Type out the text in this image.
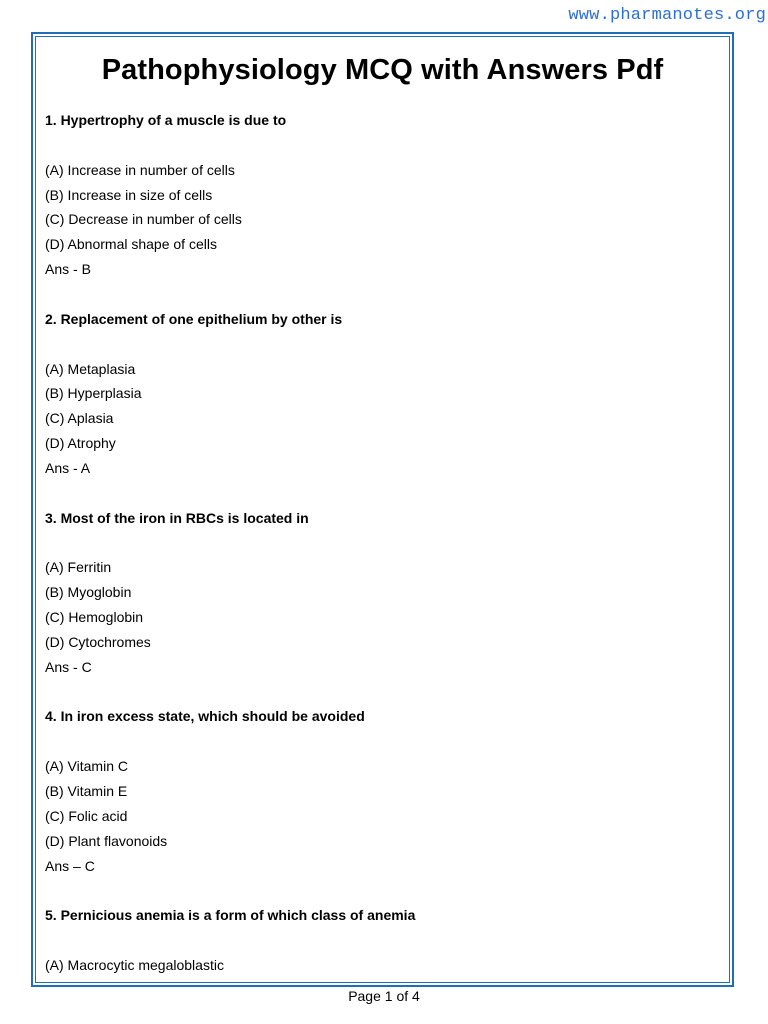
www.pharmanotes.org
Pathophysiology MCQ with Answers Pdf
1. Hypertrophy of a muscle is due to
(A) Increase in number of cells
(B) Increase in size of cells
(C) Decrease in number of cells
(D) Abnormal shape of cells
Ans - B
2. Replacement of one epithelium by other is
(A) Metaplasia
(B) Hyperplasia
(C) Aplasia
(D) Atrophy
Ans - A
3. Most of the iron in RBCs is located in
(A) Ferritin
(B) Myoglobin
(C) Hemoglobin
(D) Cytochromes
Ans - C
4. In iron excess state, which should be avoided
(A) Vitamin C
(B) Vitamin E
(C) Folic acid
(D) Plant flavonoids
Ans – C
5. Pernicious anemia is a form of which class of anemia
(A) Macrocytic megaloblastic
Page 1 of 4
